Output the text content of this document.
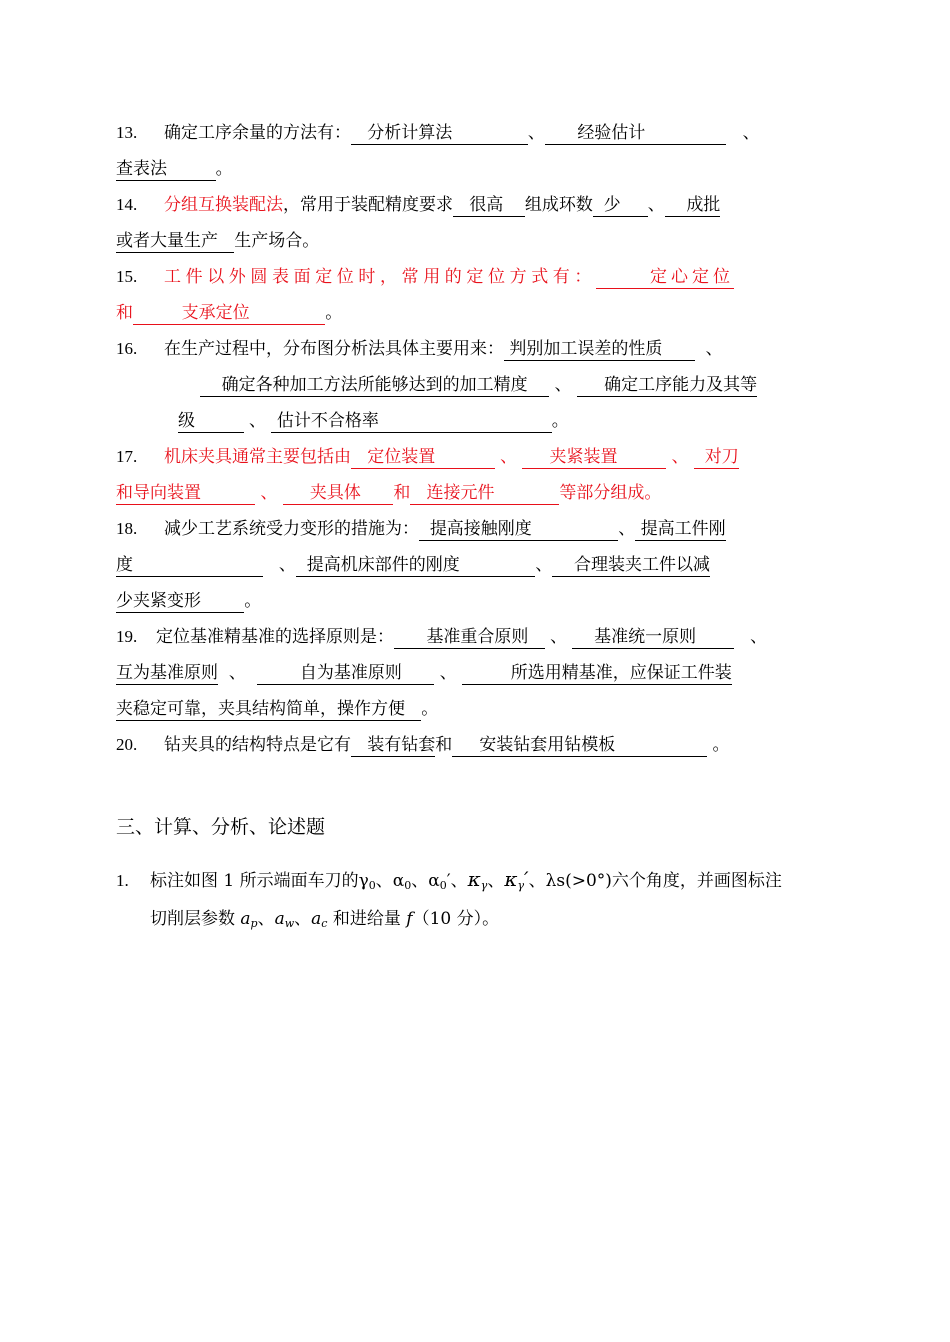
13. 确定工序余量的方法有： 分析计算法	、 经验估计	、
查表法	。
14. 分组互换装配法，常用于装配精度要求 很高 组成环数 少 、 成批
或者大量生产 生产场合。
15. 工件以外圆表面定位时，常用的定位方式有：	定心定位
和	支承定位	。
16. 在生产过程中，分布图分析法具体主要用来： 判别加工误差的性质	、
确定各种加工方法所能够达到的加工精度 、 确定工序能力及其等
级	、 估计不合格率	。
17. 机床夹具通常主要包括由 定位装置	、 夹紧装置	、 对刀
和导向装置	、 夹具体 和 连接元件	等部分组成。
18. 减少工艺系统受力变形的措施为： 提高接触刚度	、 提高工件刚
度	、 提高机床部件的刚度	、 合理装夹工件以减
少夹紧变形	。
19. 定位基准精基准的选择原则是： 基准重合原则 、 基准统一原则	、
互为基准原则 、	自为基准原则 、	所选用精基准，应保证工件装
夹稳定可靠，夹具结构简单，操作方便 。
20. 钻夹具的结构特点是它有 装有钻套和 安装钻套用钻模板	。
三、计算、分析、论述题
1. 标注如图 1 所示端面车刀的$\gamma_0$、$\alpha_0$、$\alpha_0'$、$\kappa_\gamma$、$\kappa_\gamma'$、λs(>0°)六个角度，并画图标注
切削层参数 $a_p$、$a_w$、$a_c$ 和进给量 f（10 分）。
